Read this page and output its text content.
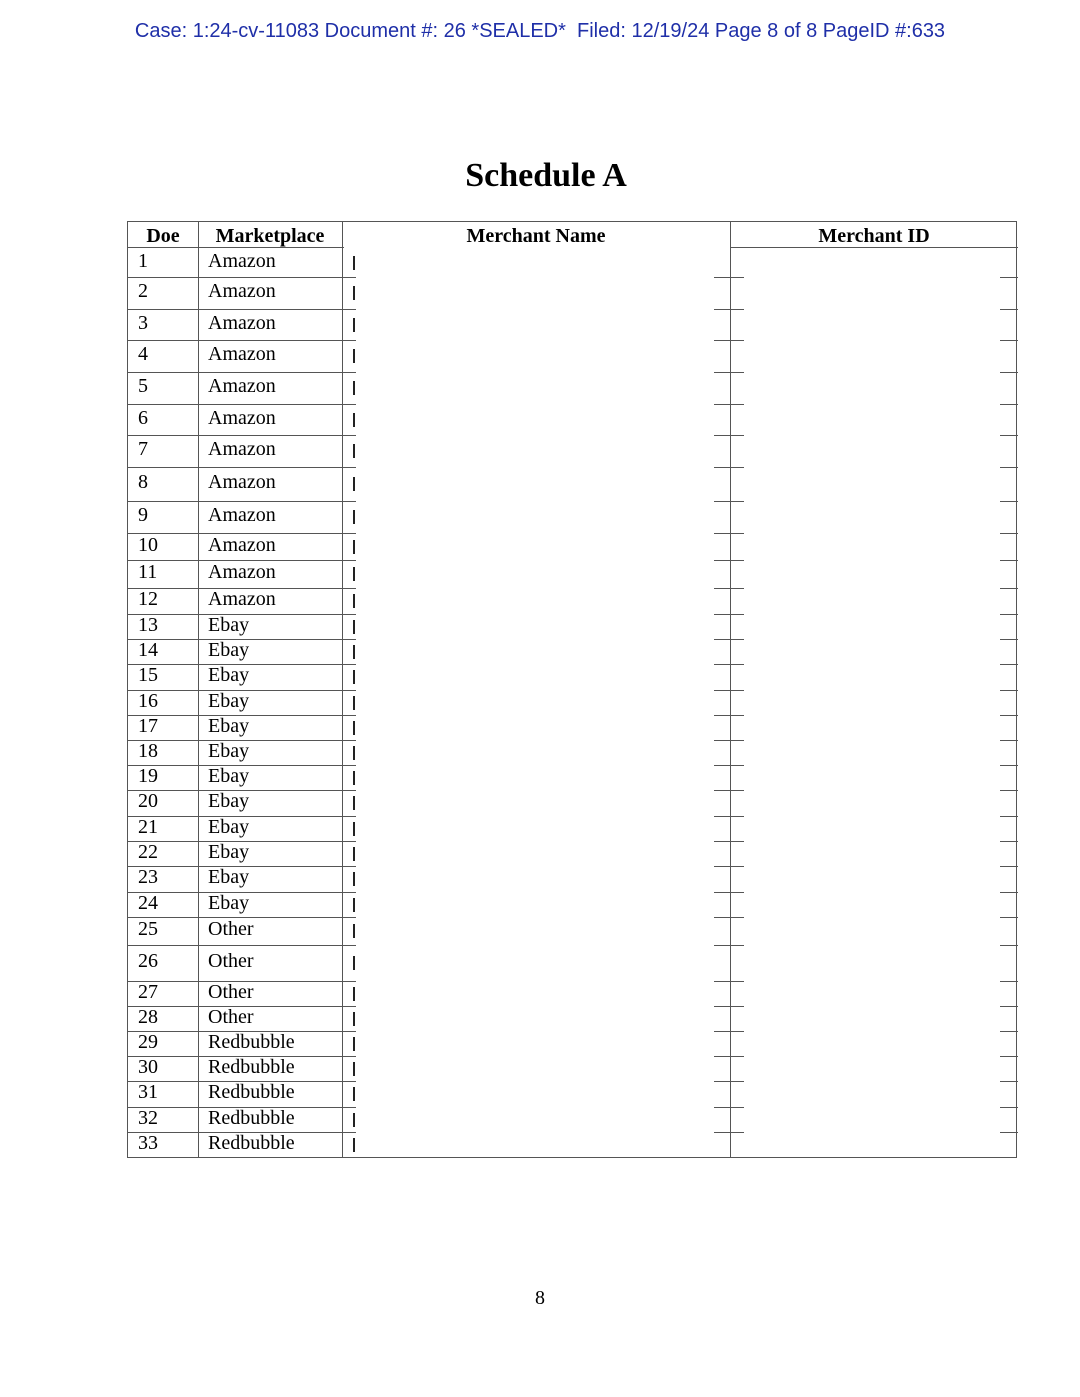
Case: 1:24-cv-11083 Document #: 26 *SEALED*  Filed: 12/19/24 Page 8 of 8 PageID #:633
Schedule A
Doe	Marketplace	Merchant Name	Merchant ID
1	Amazon
2	Amazon
3	Amazon
4	Amazon
5	Amazon
6	Amazon
7	Amazon
8	Amazon
9	Amazon
10	Amazon
11	Amazon
12	Amazon
13	Ebay
14	Ebay
15	Ebay
16	Ebay
17	Ebay
18	Ebay
19	Ebay
20	Ebay
21	Ebay
22	Ebay
23	Ebay
24	Ebay
25	Other
26	Other
27	Other
28	Other
29	Redbubble
30	Redbubble
31	Redbubble
32	Redbubble
33	Redbubble
8
